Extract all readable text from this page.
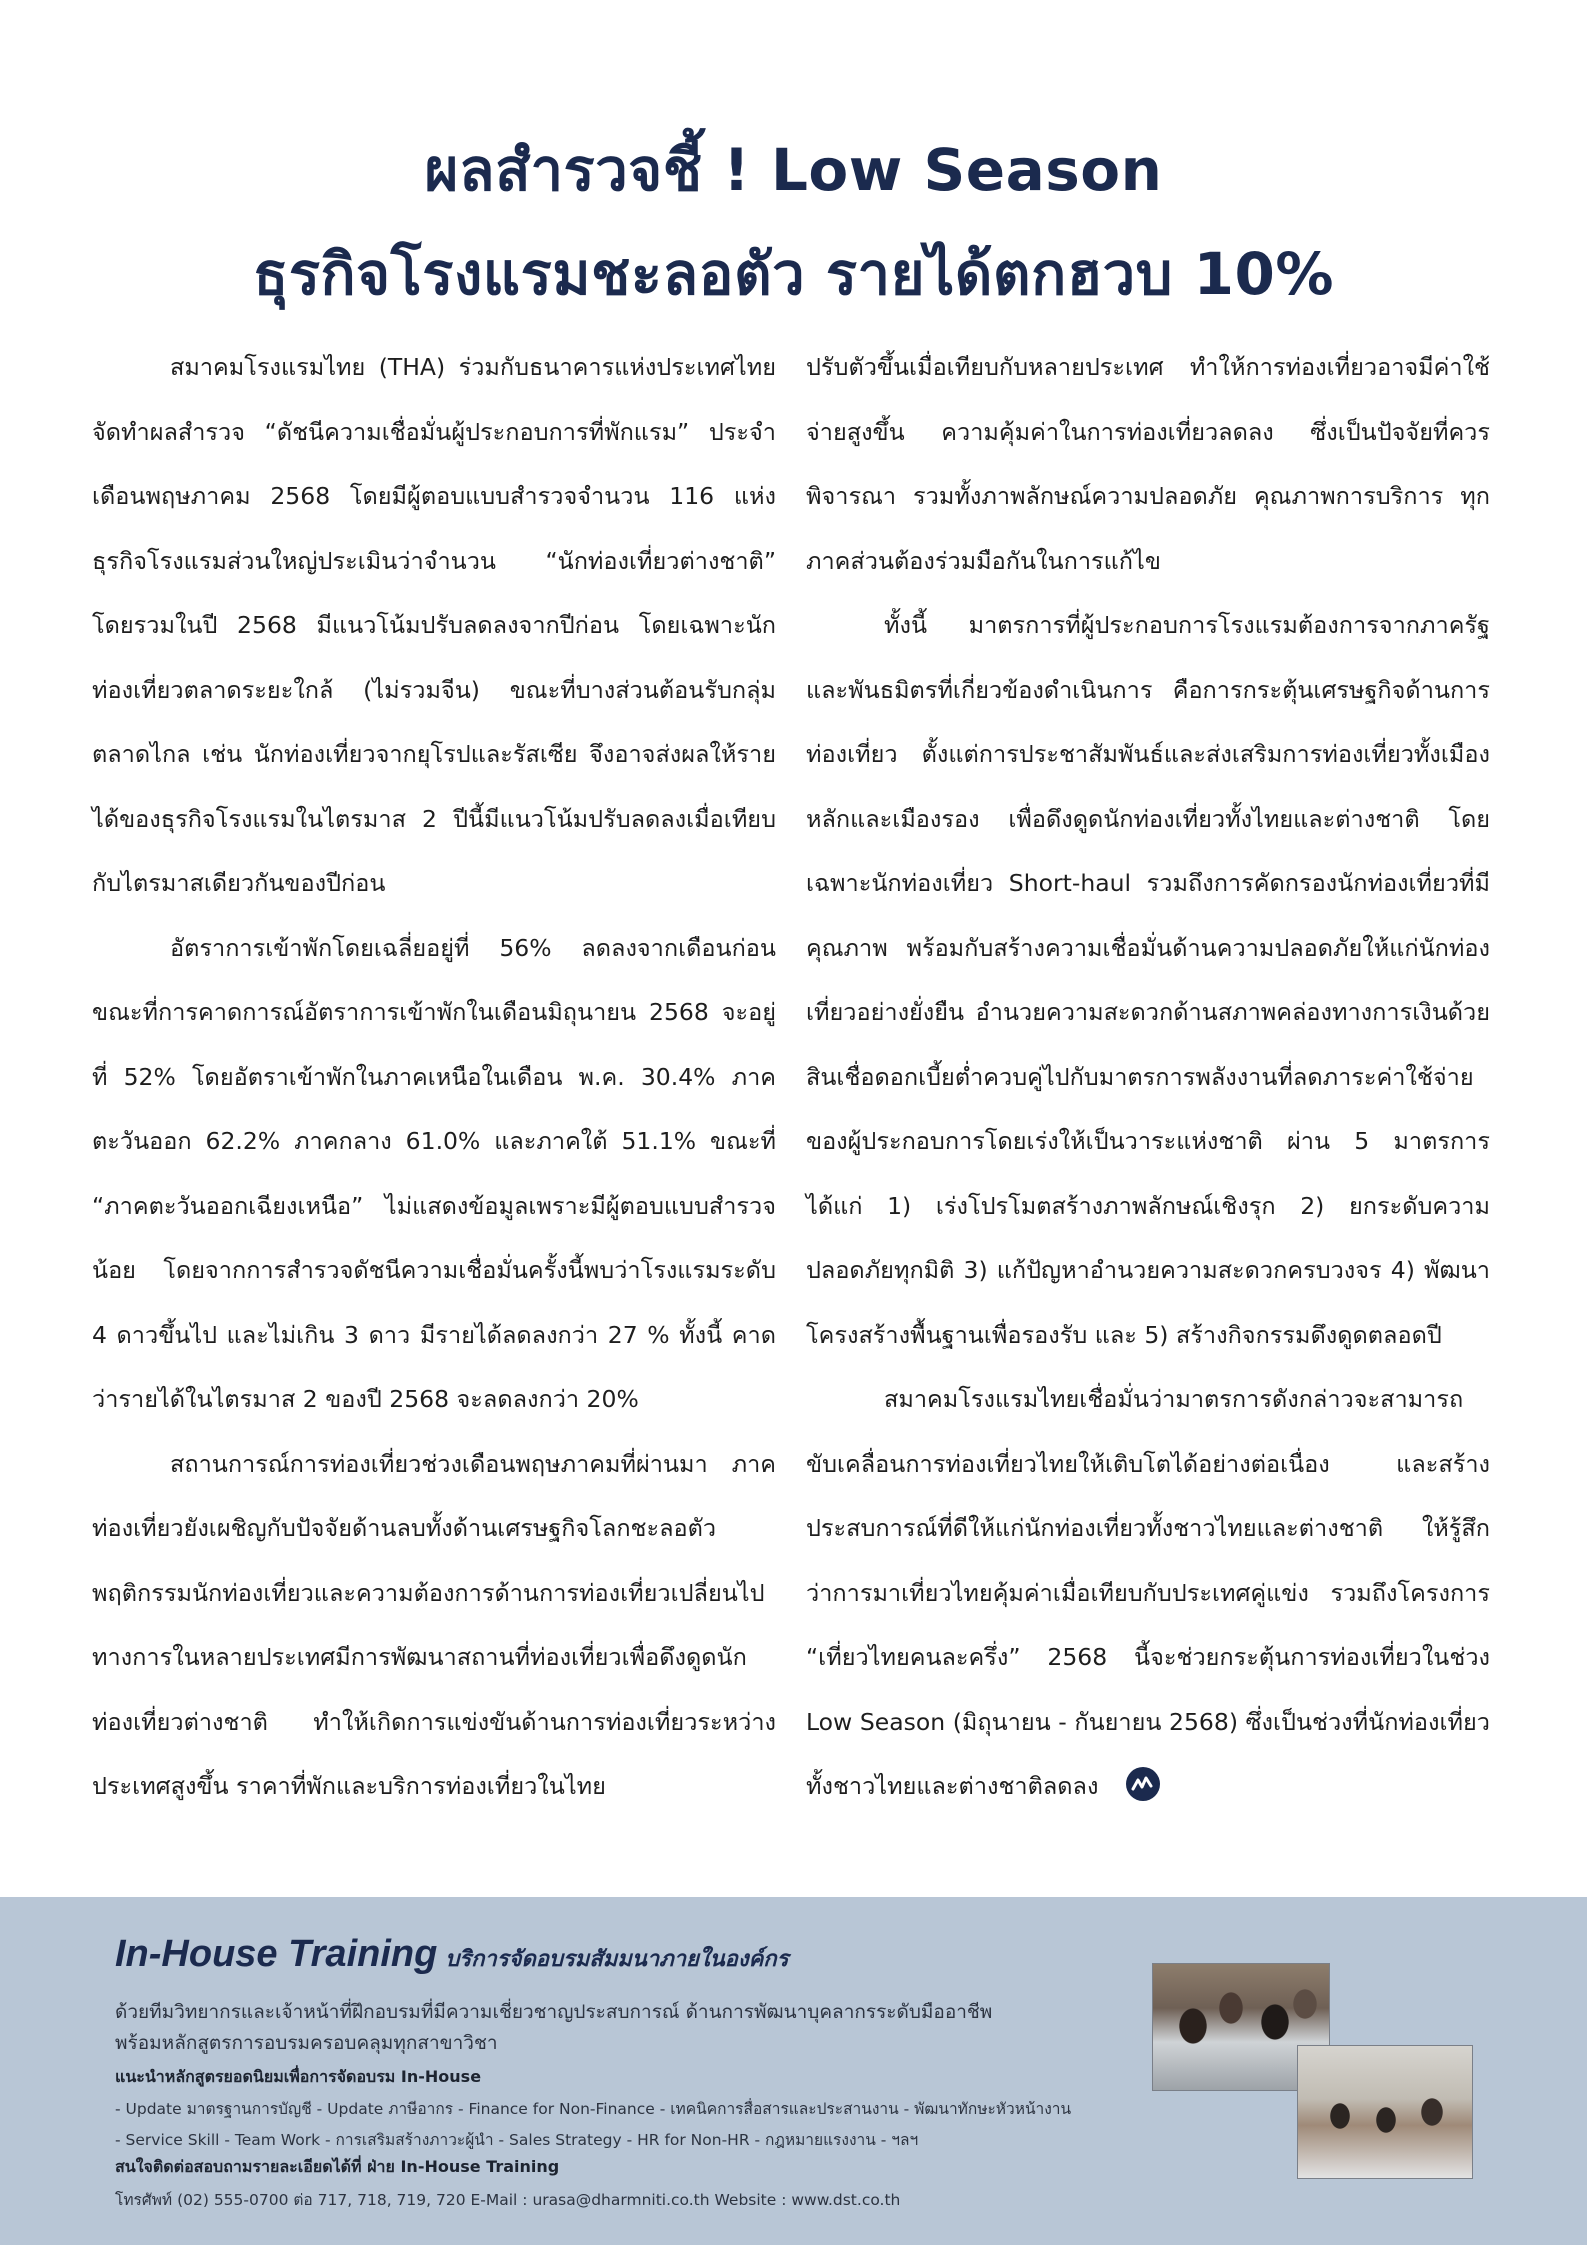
ผลสำรวจชี้ ! Low Season
ธุรกิจโรงแรมชะลอตัว รายได้ตกฮวบ 10%

สมาคมโรงแรมไทย (THA) ร่วมกับธนาคารแห่งประเทศไทย จัดทำผลสำรวจ “ดัชนีความเชื่อมั่นผู้ประกอบการที่พักแรม” ประจำเดือนพฤษภาคม 2568 โดยมีผู้ตอบแบบสำรวจจำนวน 116 แห่ง ธุรกิจโรงแรมส่วนใหญ่ประเมินว่าจำนวน “นักท่องเที่ยวต่างชาติ” โดยรวมในปี 2568 มีแนวโน้มปรับลดลงจากปีก่อน โดยเฉพาะนักท่องเที่ยวตลาดระยะใกล้ (ไม่รวมจีน) ขณะที่บางส่วนต้อนรับกลุ่มตลาดไกล เช่น นักท่องเที่ยวจากยุโรปและรัสเซีย จึงอาจส่งผลให้รายได้ของธุรกิจโรงแรมในไตรมาส 2 ปีนี้มีแนวโน้มปรับลดลงเมื่อเทียบกับไตรมาสเดียวกันของปีก่อน

อัตราการเข้าพักโดยเฉลี่ยอยู่ที่ 56% ลดลงจากเดือนก่อน ขณะที่การคาดการณ์อัตราการเข้าพักในเดือนมิถุนายน 2568 จะอยู่ที่ 52% โดยอัตราเข้าพักในภาคเหนือในเดือน พ.ค. 30.4% ภาคตะวันออก 62.2% ภาคกลาง 61.0% และภาคใต้ 51.1% ขณะที่ “ภาคตะวันออกเฉียงเหนือ” ไม่แสดงข้อมูลเพราะมีผู้ตอบแบบสำรวจน้อย โดยจากการสำรวจดัชนีความเชื่อมั่นครั้งนี้พบว่าโรงแรมระดับ 4 ดาวขึ้นไป และไม่เกิน 3 ดาว มีรายได้ลดลงกว่า 27 % ทั้งนี้ คาดว่ารายได้ในไตรมาส 2 ของปี 2568 จะลดลงกว่า 20%

สถานการณ์การท่องเที่ยวช่วงเดือนพฤษภาคมที่ผ่านมา ภาคท่องเที่ยวยังเผชิญกับปัจจัยด้านลบทั้งด้านเศรษฐกิจโลกชะลอตัว พฤติกรรมนักท่องเที่ยวและความต้องการด้านการท่องเที่ยวเปลี่ยนไป ทางการในหลายประเทศมีการพัฒนาสถานที่ท่องเที่ยวเพื่อดึงดูดนักท่องเที่ยวต่างชาติ ทำให้เกิดการแข่งขันด้านการท่องเที่ยวระหว่างประเทศสูงขึ้น ราคาที่พักและบริการท่องเที่ยวในไทย

ปรับตัวขึ้นเมื่อเทียบกับหลายประเทศ ทำให้การท่องเที่ยวอาจมีค่าใช้จ่ายสูงขึ้น ความคุ้มค่าในการท่องเที่ยวลดลง ซึ่งเป็นปัจจัยที่ควรพิจารณา รวมทั้งภาพลักษณ์ความปลอดภัย คุณภาพการบริการ ทุกภาคส่วนต้องร่วมมือกันในการแก้ไข

ทั้งนี้ มาตรการที่ผู้ประกอบการโรงแรมต้องการจากภาครัฐและพันธมิตรที่เกี่ยวข้องดำเนินการ คือการกระตุ้นเศรษฐกิจด้านการท่องเที่ยว ตั้งแต่การประชาสัมพันธ์และส่งเสริมการท่องเที่ยวทั้งเมืองหลักและเมืองรอง เพื่อดึงดูดนักท่องเที่ยวทั้งไทยและต่างชาติ โดยเฉพาะนักท่องเที่ยว Short-haul รวมถึงการคัดกรองนักท่องเที่ยวที่มีคุณภาพ พร้อมกับสร้างความเชื่อมั่นด้านความปลอดภัยให้แก่นักท่องเที่ยวอย่างยั่งยืน อำนวยความสะดวกด้านสภาพคล่องทางการเงินด้วยสินเชื่อดอกเบี้ยต่ำควบคู่ไปกับมาตรการพลังงานที่ลดภาระค่าใช้จ่ายของผู้ประกอบการโดยเร่งให้เป็นวาระแห่งชาติ ผ่าน 5 มาตรการ ได้แก่ 1) เร่งโปรโมตสร้างภาพลักษณ์เชิงรุก 2) ยกระดับความปลอดภัยทุกมิติ 3) แก้ปัญหาอำนวยความสะดวกครบวงจร 4) พัฒนาโครงสร้างพื้นฐานเพื่อรองรับ และ 5) สร้างกิจกรรมดึงดูดตลอดปี

สมาคมโรงแรมไทยเชื่อมั่นว่ามาตรการดังกล่าวจะสามารถขับเคลื่อนการท่องเที่ยวไทยให้เติบโตได้อย่างต่อเนื่อง และสร้างประสบการณ์ที่ดีให้แก่นักท่องเที่ยวทั้งชาวไทยและต่างชาติ ให้รู้สึกว่าการมาเที่ยวไทยคุ้มค่าเมื่อเทียบกับประเทศคู่แข่ง รวมถึงโครงการ “เที่ยวไทยคนละครึ่ง” 2568 นี้จะช่วยกระตุ้นการท่องเที่ยวในช่วง Low Season (มิถุนายน - กันยายน 2568) ซึ่งเป็นช่วงที่นักท่องเที่ยวทั้งชาวไทยและต่างชาติลดลง

In-House Training บริการจัดอบรมสัมมนาภายในองค์กร
ด้วยทีมวิทยากรและเจ้าหน้าที่ฝึกอบรมที่มีความเชี่ยวชาญประสบการณ์ ด้านการพัฒนาบุคลากรระดับมืออาชีพ
พร้อมหลักสูตรการอบรมครอบคลุมทุกสาขาวิชา
แนะนำหลักสูตรยอดนิยมเพื่อการจัดอบรม In-House
- Update มาตรฐานการบัญชี - Update ภาษีอากร - Finance for Non-Finance - เทคนิคการสื่อสารและประสานงาน - พัฒนาทักษะหัวหน้างาน
- Service Skill - Team Work - การเสริมสร้างภาวะผู้นำ - Sales Strategy - HR for Non-HR - กฎหมายแรงงาน - ฯลฯ
สนใจติดต่อสอบถามรายละเอียดได้ที่ ฝ่าย In-House Training
โทรศัพท์ (02) 555-0700 ต่อ 717, 718, 719, 720 E-Mail : urasa@dharmniti.co.th Website : www.dst.co.th
